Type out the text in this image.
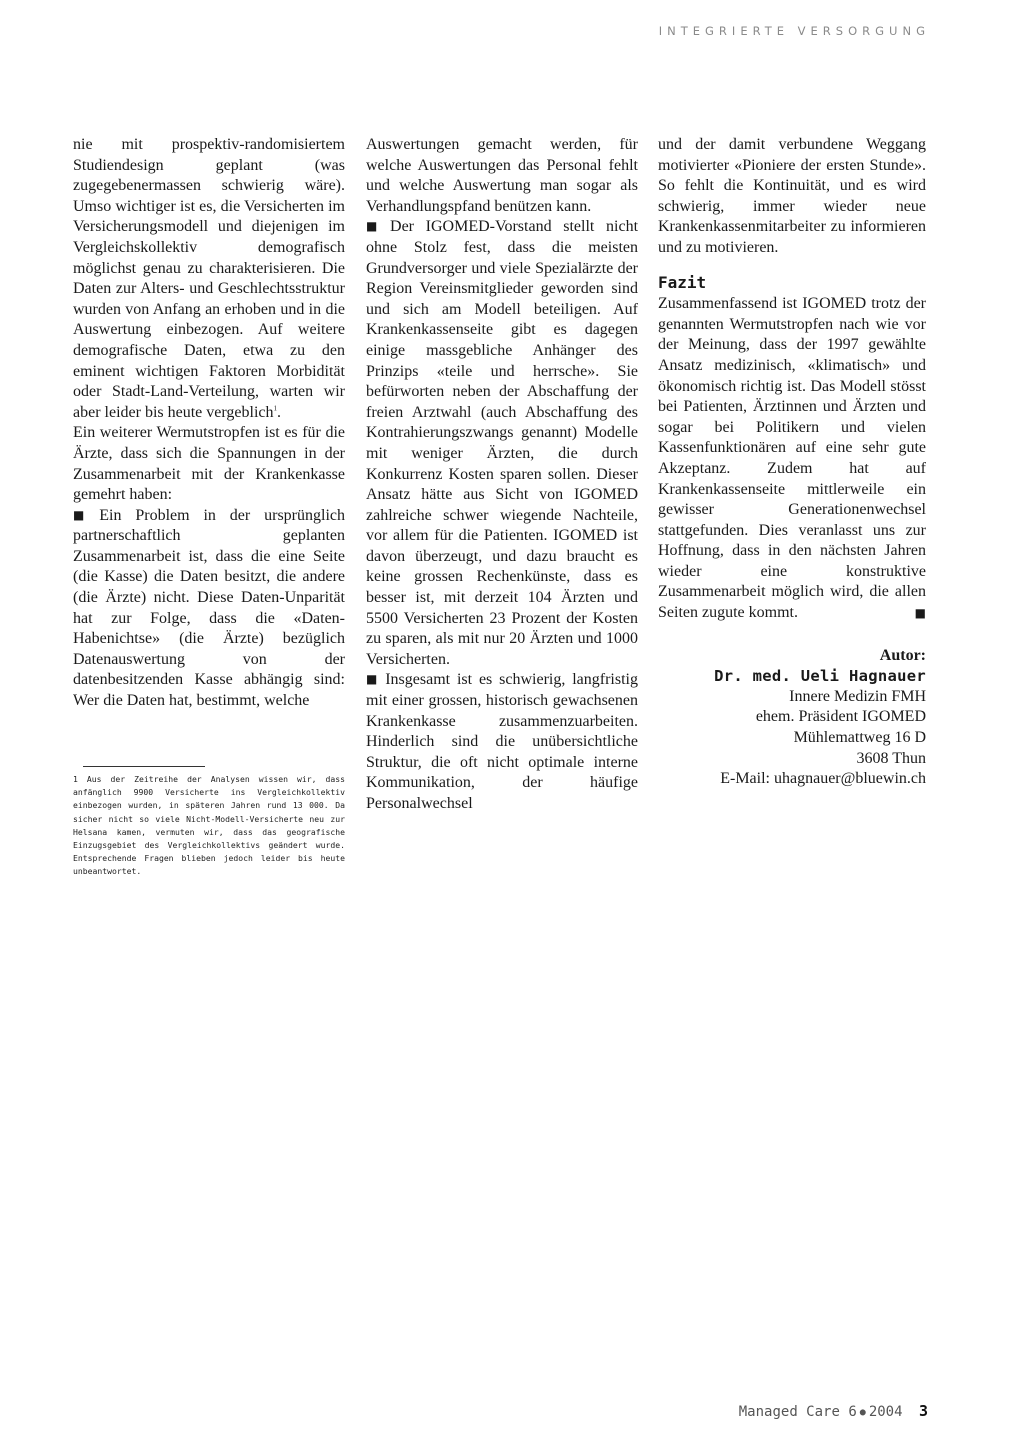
INTEGRIERTE VERSORGUNG

nie mit prospektiv-randomisiertem Studiendesign geplant (was zugegebenermassen schwierig wäre). Umso wichtiger ist es, die Versicherten im Versicherungsmodell und diejenigen im Vergleichskollektiv demografisch möglichst genau zu charakterisieren. Die Daten zur Alters- und Geschlechtsstruktur wurden von Anfang an erhoben und in die Auswertung einbezogen. Auf weitere demografische Daten, etwa zu den eminent wichtigen Faktoren Morbidität oder Stadt-Land-Verteilung, warten wir aber leider bis heute vergeblich$^1$.

Ein weiterer Wermutstropfen ist es für die Ärzte, dass sich die Spannungen in der Zusammenarbeit mit der Krankenkasse gemehrt haben:

■ Ein Problem in der ursprünglich partnerschaftlich geplanten Zusammenarbeit ist, dass die eine Seite (die Kasse) die Daten besitzt, die andere (die Ärzte) nicht. Diese Daten-Unparität hat zur Folge, dass die «Daten-Habenichtse» (die Ärzte) bezüglich Datenauswertung von der datenbesitzenden Kasse abhängig sind: Wer die Daten hat, bestimmt, welche

1 Aus der Zeitreihe der Analysen wissen wir, dass anfänglich 9900 Versicherte ins Vergleichkollektiv einbezogen wurden, in späteren Jahren rund 13 000. Da sicher nicht so viele Nicht-Modell-Versicherte neu zur Helsana kamen, vermuten wir, dass das geografische Einzugsgebiet des Vergleichkollektivs geändert wurde. Entsprechende Fragen blieben jedoch leider bis heute unbeantwortet.

Auswertungen gemacht werden, für welche Auswertungen das Personal fehlt und welche Auswertung man sogar als Verhandlungspfand benützen kann.

■ Der IGOMED-Vorstand stellt nicht ohne Stolz fest, dass die meisten Grundversorger und viele Spezialärzte der Region Vereinsmitglieder geworden sind und sich am Modell beteiligen. Auf Krankenkassenseite gibt es dagegen einige massgebliche Anhänger des Prinzips «teile und herrsche». Sie befürworten neben der Abschaffung der freien Arztwahl (auch Abschaffung des Kontrahierungszwangs genannt) Modelle mit weniger Ärzten, die durch Konkurrenz Kosten sparen sollen. Dieser Ansatz hätte aus Sicht von IGOMED zahlreiche schwer wiegende Nachteile, vor allem für die Patienten. IGOMED ist davon überzeugt, und dazu braucht es keine grossen Rechenkünste, dass es besser ist, mit derzeit 104 Ärzten und 5500 Versicherten 23 Prozent der Kosten zu sparen, als mit nur 20 Ärzten und 1000 Versicherten.

■ Insgesamt ist es schwierig, langfristig mit einer grossen, historisch gewachsenen Krankenkasse zusammenzuarbeiten. Hinderlich sind die unübersichtliche Struktur, die oft nicht optimale interne Kommunikation, der häufige Personalwechsel

und der damit verbundene Weggang motivierter «Pioniere der ersten Stunde». So fehlt die Kontinuität, und es wird schwierig, immer wieder neue Krankenkassenmitarbeiter zu informieren und zu motivieren.

Fazit

Zusammenfassend ist IGOMED trotz der genannten Wermutstropfen nach wie vor der Meinung, dass der 1997 gewählte Ansatz medizinisch, «klimatisch» und ökonomisch richtig ist. Das Modell stösst bei Patienten, Ärztinnen und Ärzten und sogar bei Politikern und vielen Kassenfunktionären auf eine sehr gute Akzeptanz. Zudem hat auf Krankenkassenseite mittlerweile ein gewisser Generationenwechsel stattgefunden. Dies veranlasst uns zur Hoffnung, dass in den nächsten Jahren wieder eine konstruktive Zusammenarbeit möglich wird, die allen Seiten zugute kommt.	■

Autor:
Dr. med. Ueli Hagnauer
Innere Medizin FMH
ehem. Präsident IGOMED
Mühlemattweg 16 D
3608 Thun
E-Mail: uhagnauer@bluewin.ch
Managed Care 6 ● 2004 3
